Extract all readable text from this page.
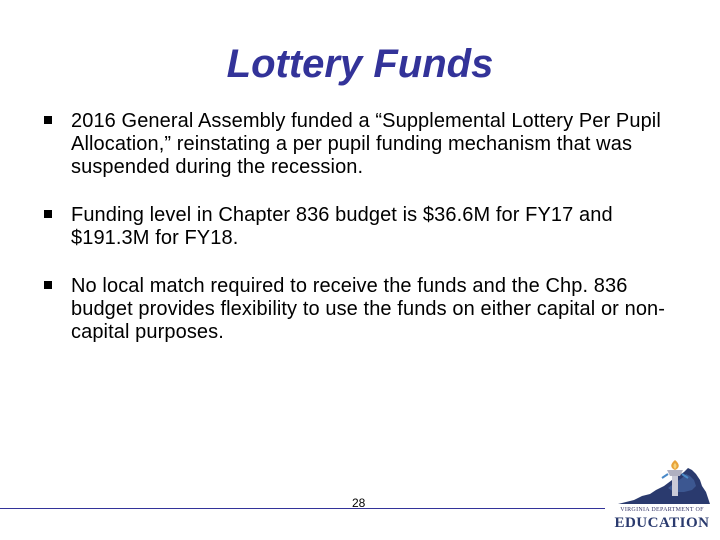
Lottery Funds
2016 General Assembly funded a “Supplemental Lottery Per Pupil Allocation,” reinstating a per pupil funding mechanism that was suspended during the recession.
Funding level in Chapter 836 budget is $36.6M for FY17 and $191.3M for FY18.
No local match required to receive the funds and the Chp. 836 budget provides flexibility to use the funds on either capital or non-capital purposes.
28	VIRGINIA DEPARTMENT OF
EDUCATION
